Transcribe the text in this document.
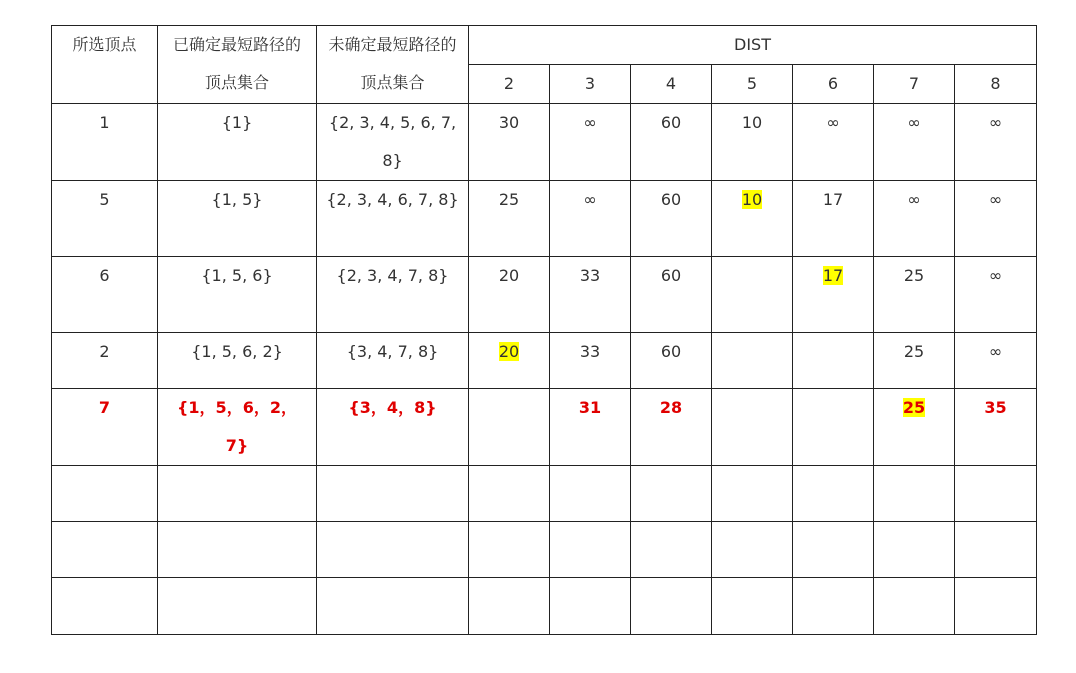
所选顶点	已确定最短路径的顶点集合	未确定最短路径的顶点集合	DIST						
			2	3	4	5	6	7	8

1	{1}	{2, 3, 4, 5, 6, 7, 8}	30	∞	60	10	∞	∞	∞

5	{1, 5}	{2, 3, 4, 6, 7, 8}	25	∞	60	10	17	∞	∞

6	{1, 5, 6}	{2, 3, 4, 7, 8}	20	33	60		17	25	∞

2	{1, 5, 6, 2}	{3, 4, 7, 8}	20	33	60			25	∞

7	{1，5，6，2，7}	{3，4，8}		31	28			25	35
